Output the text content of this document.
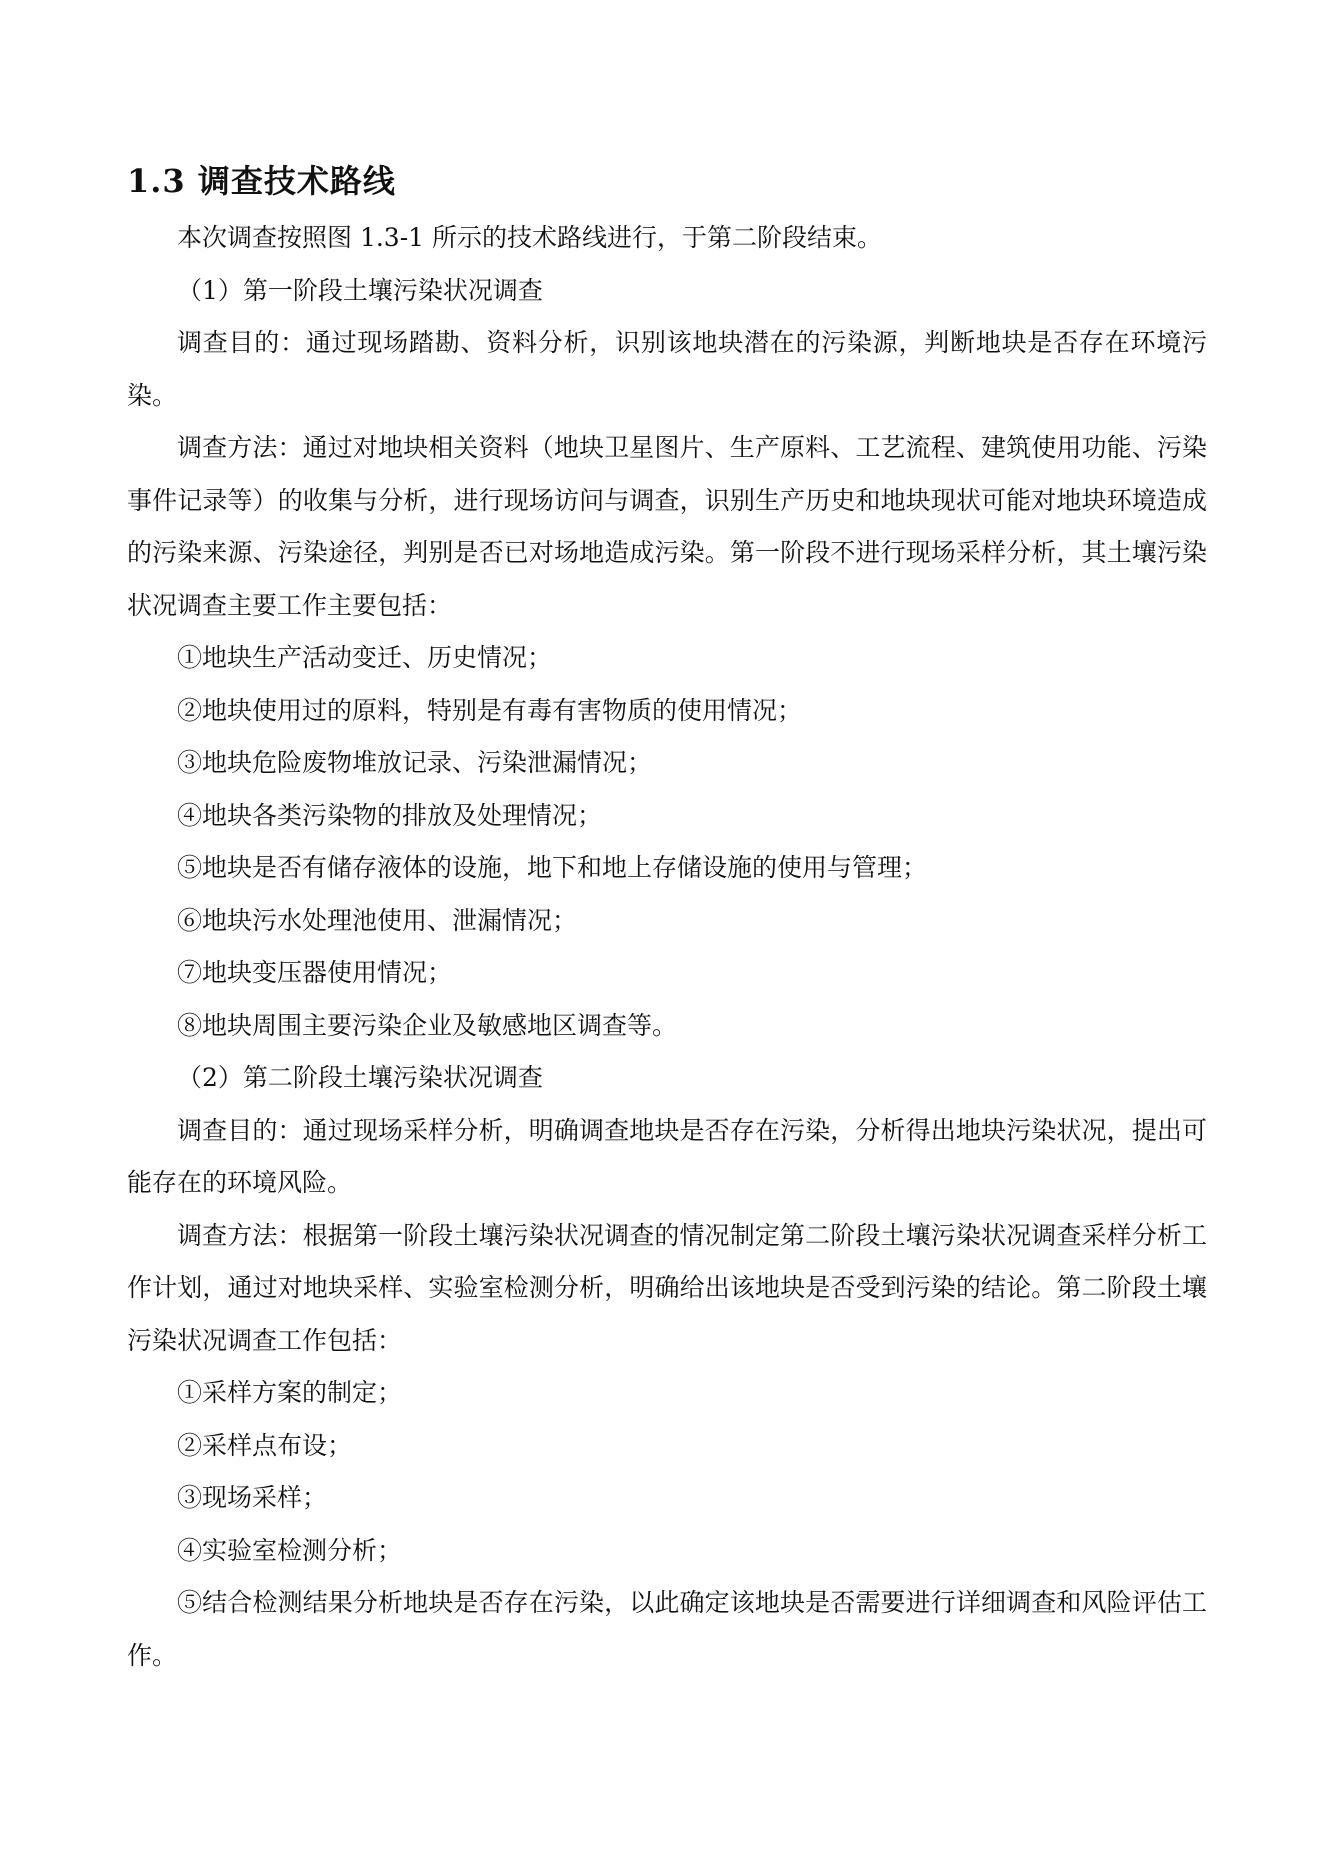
1.3 调查技术路线

本次调查按照图 1.3-1 所示的技术路线进行，于第二阶段结束。

（1）第一阶段土壤污染状况调查

调查目的：通过现场踏勘、资料分析，识别该地块潜在的污染源，判断地块是否存在环境污染。

调查方法：通过对地块相关资料（地块卫星图片、生产原料、工艺流程、建筑使用功能、污染事件记录等）的收集与分析，进行现场访问与调查，识别生产历史和地块现状可能对地块环境造成的污染来源、污染途径，判别是否已对场地造成污染。第一阶段不进行现场采样分析，其土壤污染状况调查主要工作主要包括：

①地块生产活动变迁、历史情况；

②地块使用过的原料，特别是有毒有害物质的使用情况；

③地块危险废物堆放记录、污染泄漏情况；

④地块各类污染物的排放及处理情况；

⑤地块是否有储存液体的设施，地下和地上存储设施的使用与管理；

⑥地块污水处理池使用、泄漏情况；

⑦地块变压器使用情况；

⑧地块周围主要污染企业及敏感地区调查等。

（2）第二阶段土壤污染状况调查

调查目的：通过现场采样分析，明确调查地块是否存在污染，分析得出地块污染状况，提出可能存在的环境风险。

调查方法：根据第一阶段土壤污染状况调查的情况制定第二阶段土壤污染状况调查采样分析工作计划，通过对地块采样、实验室检测分析，明确给出该地块是否受到污染的结论。第二阶段土壤污染状况调查工作包括：

①采样方案的制定；

②采样点布设；

③现场采样；

④实验室检测分析；

⑤结合检测结果分析地块是否存在污染，以此确定该地块是否需要进行详细调查和风险评估工作。
